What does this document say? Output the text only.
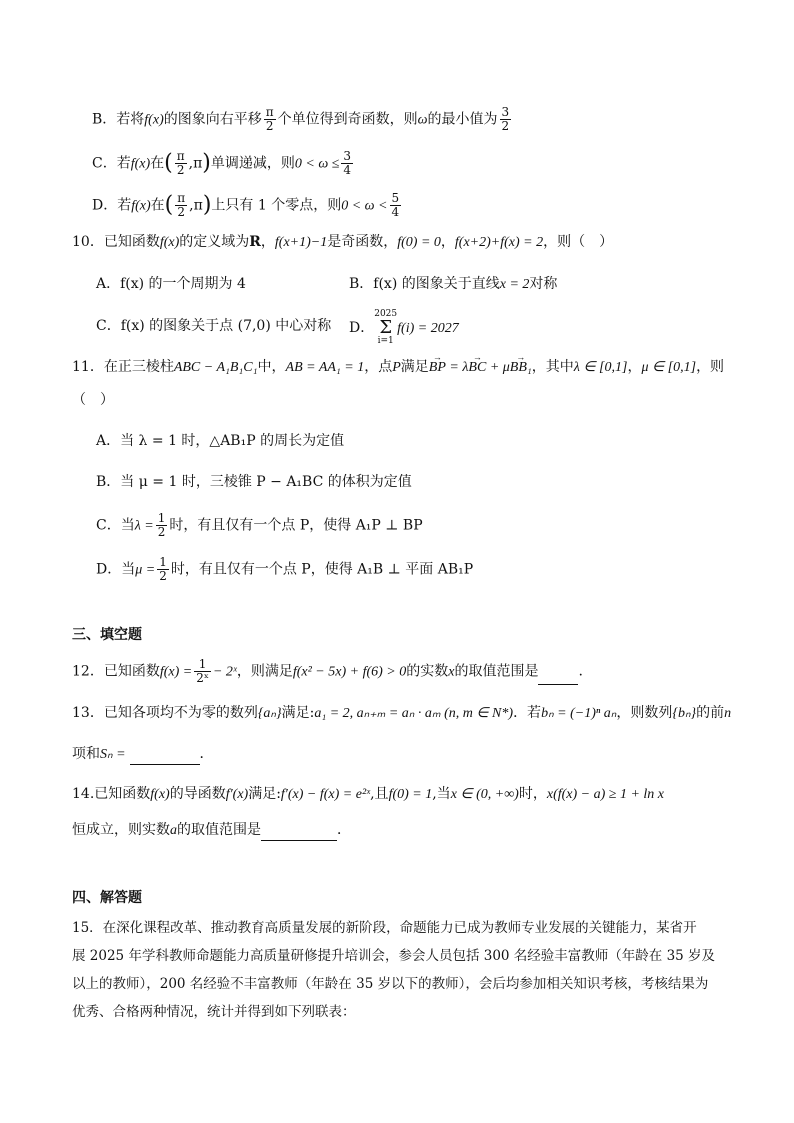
B．若将f(x)的图象向右平移 $\frac{\pi}{2}$ 个单位得到奇函数，则ω的最小值为 $\frac{3}{2}$
C．若f(x)在( $\frac{\pi}{2} ,\pi$)单调递减，则$0 < \omega \le \frac{3}{4}$
D．若f(x)在( $\frac{\pi}{2} ,\pi$)上只有 1 个零点，则$0 < \omega < \frac{5}{4}$
10．已知函数f(x)的定义域为R，f(x+1)−1是奇函数，f(0) = 0，f(x+2)+f(x) = 2，则（　）
A．f(x) 的一个周期为 4	B．f(x) 的图象关于直线x = 2对称
C．f(x) 的图象关于点 (7,0) 中心对称 D．2025
Σ
i=1f(i) = 2027
11．在正三棱柱ABC − A₁B₁C₁中，AB = AA₁ = 1，点P满足→ BP = λ→ BC + μ→ BB₁，其中λ ∈ [0,1]，μ ∈ [0,1]，则
（　）
A．当 λ = 1 时，△AB₁P 的周长为定值
B．当 μ = 1 时，三棱锥 P − A₁BC 的体积为定值
C．当$\lambda = \frac{1}{2}$ 时，有且仅有一个点 P，使得 A₁P ⊥ BP
D．当$\mu = \frac{1}{2}$ 时，有且仅有一个点 P，使得 A₁B ⊥ 平面 AB₁P
三、填空题
12．已知函数$f(x) = \frac{1}{\text{2ˣ}}$ − 2ˣ，则满足f(x² − 5x) + f(6) > 0的实数x的取值范围是	.
13．已知各项均不为零的数列{aₙ}满足:a₁ = 2, aₙ₊ₘ = aₙ · aₘ (n, m ∈ N*)．若bₙ = (−1)ⁿ aₙ，则数列{bₙ}的前n
项和Sₙ =	．
14.已知函数f(x)的导函数f′(x)满足:f′(x) − f(x) = e²ˣ,且f(0) = 1,当x ∈ (0, +∞)时，x(f(x) − a) ≥ 1 + ln x
恒成立，则实数a的取值范围是	．
四、解答题
15．在深化课程改革、推动教育高质量发展的新阶段，命题能力已成为教师专业发展的关键能力，某省开
展 2025 年学科教师命题能力高质量研修提升培训会，参会人员包括 300 名经验丰富教师（年龄在 35 岁及
以上的教师），200 名经验不丰富教师（年龄在 35 岁以下的教师），会后均参加相关知识考核，考核结果为
优秀、合格两种情况，统计并得到如下列联表：
